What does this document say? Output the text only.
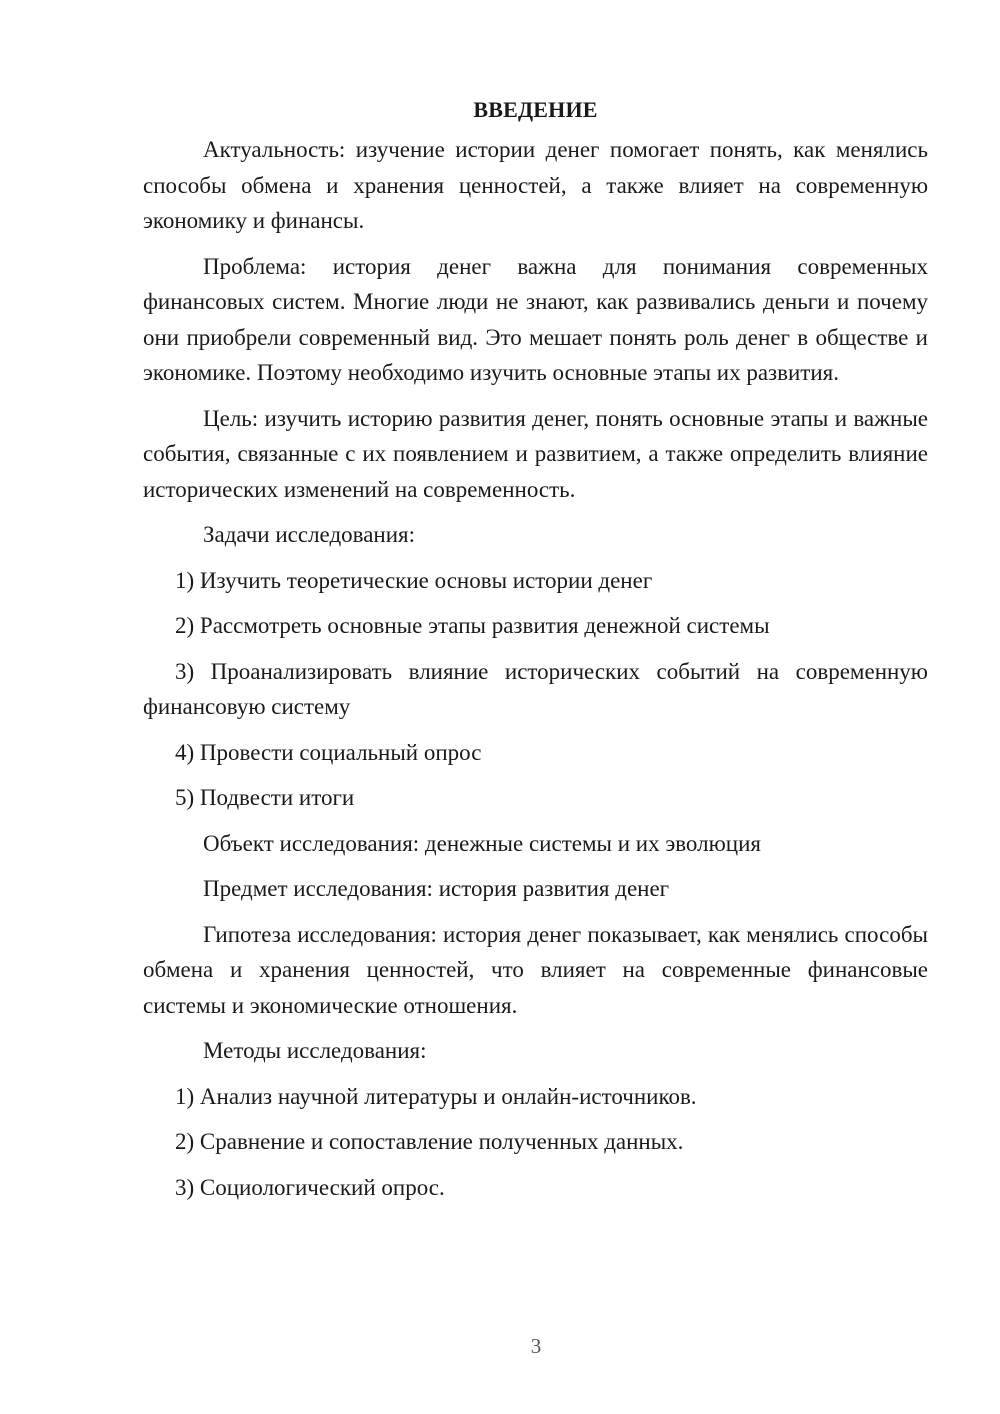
ВВЕДЕНИЕ
Актуальность: изучение истории денег помогает понять, как менялись способы обмена и хранения ценностей, а также влияет на современную экономику и финансы.
Проблема: история денег важна для понимания современных финансовых систем. Многие люди не знают, как развивались деньги и почему они приобрели современный вид. Это мешает понять роль денег в обществе и экономике. Поэтому необходимо изучить основные этапы их развития.
Цель: изучить историю развития денег, понять основные этапы и важные события, связанные с их появлением и развитием, а также определить влияние исторических изменений на современность.
Задачи исследования:
1) Изучить теоретические основы истории денег
2) Рассмотреть основные этапы развития денежной системы
3) Проанализировать влияние исторических событий на современную финансовую систему
4) Провести социальный опрос
5) Подвести итоги
Объект исследования: денежные системы и их эволюция
Предмет исследования: история развития денег
Гипотеза исследования: история денег показывает, как менялись способы обмена и хранения ценностей, что влияет на современные финансовые системы и экономические отношения.
Методы исследования:
1) Анализ научной литературы и онлайн-источников.
2) Сравнение и сопоставление полученных данных.
3) Социологический опрос.
3
